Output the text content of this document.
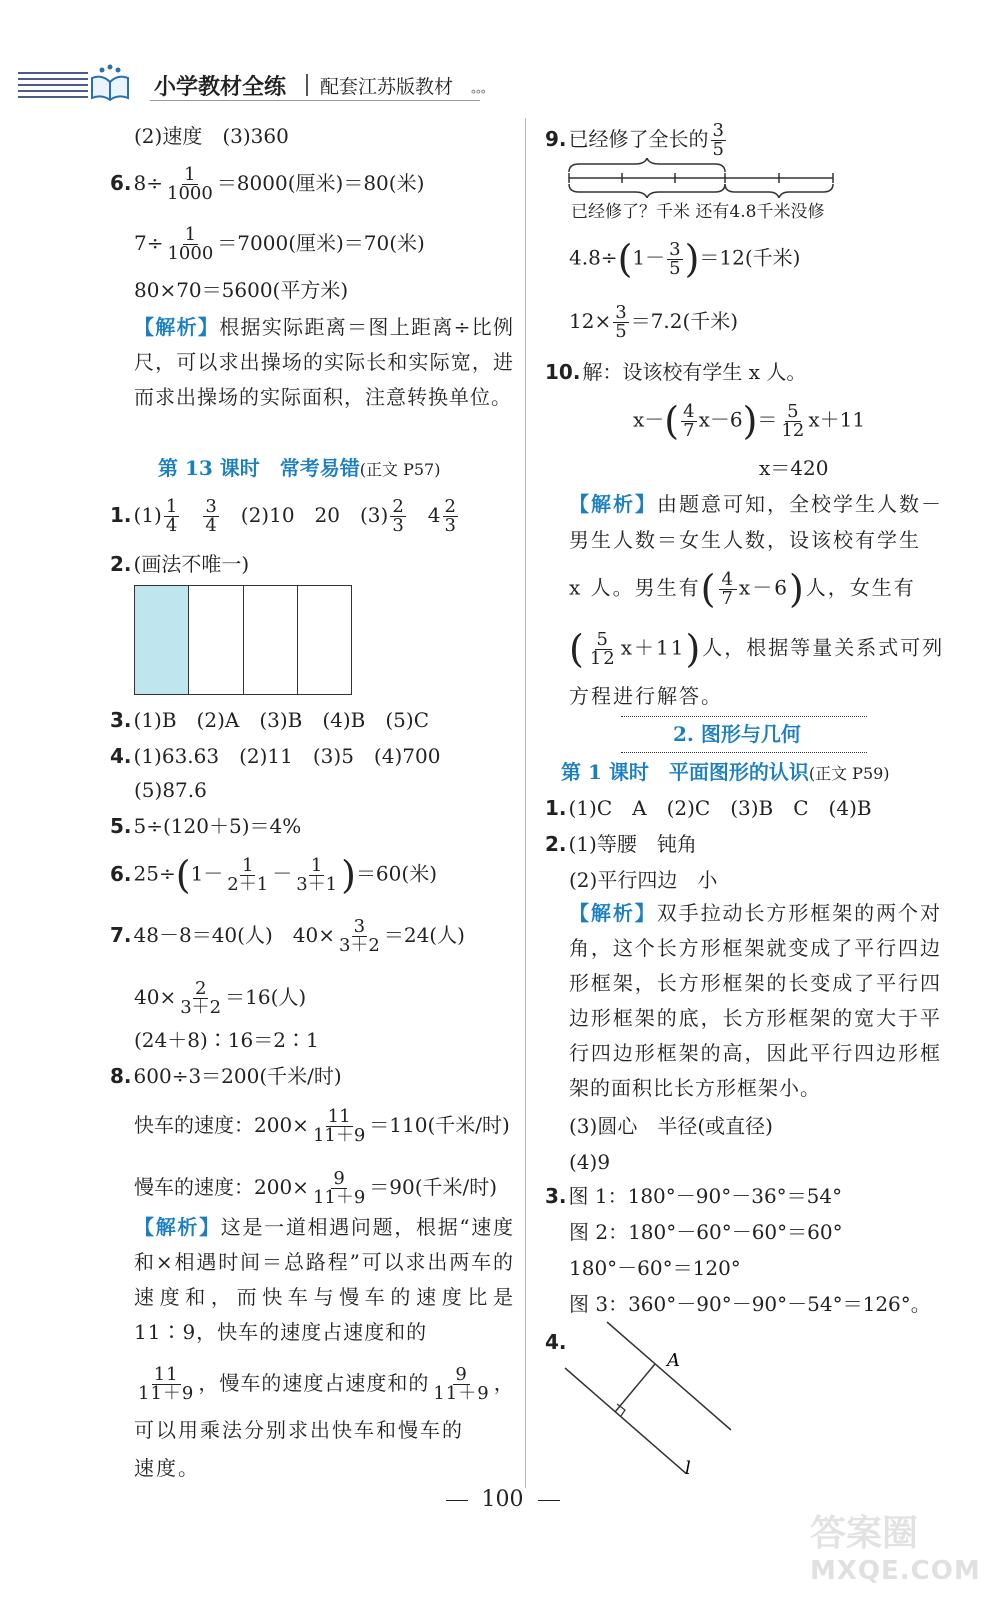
小学教材全练 配套江苏版教材 ∘∘∘
(2)速度　(3)360
6. $8\div \frac{1}{1000} =8000$(厘米)＝80(米)
$7\div \frac{1}{1000} =7000$(厘米)＝70(米)
80×70＝5600(平方米)
【解析】根据实际距离＝图上距离÷比例尺，可以求出操场的实际长和实际宽，进而求出操场的实际面积，注意转换单位。
第 13 课时　常考易错(正文 P57)
1. $(1) \frac{1}{4}$
　 $\frac{3}{4}$
　 (2)10　20　$(3) \frac{2}{3}$
　 $4 \frac{2}{3}$
2. (画法不唯一)
3. (1)B　(2)A　(3)B　(4)B　(5)C
4. (1)63.63　(2)11　(3)5　(4)700
(5)87.6
5. 5÷(120＋5)＝4%
6. $25\div(1- \frac{1}{2+1} - \frac{1}{3+1} )=60$(米)
7. 48－8＝40(人)　$40\times \frac{3}{3+2} =24$(人)
$40\times \frac{2}{3+2} =16$(人)
(24＋8)∶16＝2∶1
8. 600÷3＝200(千米/时)
快车的速度：$200\times \frac{11}{11+9} =110$(千米/时)
慢车的速度：$200\times \frac{9}{11+9} =90$(千米/时)
【解析】这是一道相遇问题，根据“速度和×相遇时间＝总路程”可以求出两车的速度和，而快车与慢车的速度比是 11∶9，快车的速度占速度和的
$\frac{11}{11+9}$ ，慢车的速度占速度和的 $\frac{9}{11+9}$ ，
可以用乘法分别求出快车和慢车的
速度。
9. 已经修了全长的 $\frac{3}{5}$
已经修了？千米 还有4.8千米没修
$4.8\div(1- \frac{3}{5} )=12$(千米)
$12\times \frac{3}{5} =7.2$(千米)
10. 解：设该校有学生 x 人。
$x-( \frac{4}{7} x-6)= \frac{5}{12} x+11$
x＝420
【解析】由题意可知，全校学生人数－
男生人数＝女生人数，设该校有学生
x 人。男生有( $\frac{4}{7} x-6$)人，女生有
( $\frac{5}{12} x+11$)人，根据等量关系式可列
方程进行解答。
2. 图形与几何
第 1 课时　平面图形的认识(正文 P59)
1. (1)C　A　(2)C　(3)B　C　(4)B
2. (1)等腰　钝角
(2)平行四边　小
【解析】双手拉动长方形框架的两个对角，这个长方形框架就变成了平行四边形框架，长方形框架的长变成了平行四边形框架的底，长方形框架的宽大于平行四边形框架的高，因此平行四边形框架的面积比长方形框架小。
(3)圆心　半径(或直径)
(4)9
3. 图 1：180°－90°－36°＝54°
图 2：180°－60°－60°＝60°
180°－60°＝120°
图 3：360°－90°－90°－54°＝126°。
4.
A
l
100
答案圈
MXQE.COM
